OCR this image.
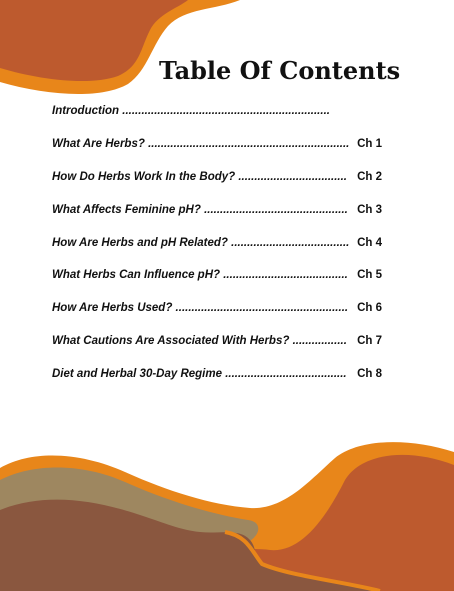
Table Of Contents
Introduction .................................................................
What Are Herbs? ............................................................... Ch 1
How Do Herbs Work In the Body? .................................. Ch 2
What Affects Feminine pH? ............................................. Ch 3
How Are Herbs and pH Related? ..................................... Ch 4
What Herbs Can Influence pH? ....................................... Ch 5
How Are Herbs Used? ...................................................... Ch 6
What Cautions Are Associated With Herbs? ................. Ch 7
Diet and Herbal 30-Day Regime ...................................... Ch 8
